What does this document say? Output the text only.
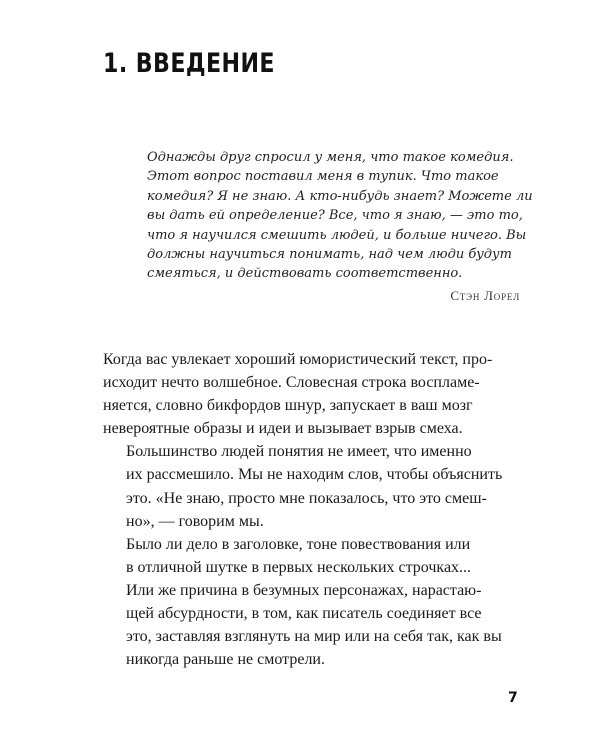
1. ВВЕДЕНИЕ

Однажды друг спросил у меня, что такое комедия.
Этот вопрос поставил меня в тупик. Что такое
комедия? Я не знаю. А кто-нибудь знает? Можете ли
вы дать ей определение? Все, что я знаю, — это то,
что я научился смешить людей, и больше ничего. Вы
должны научиться понимать, над чем люди будут
смеяться, и действовать соответственно.

Стэн Лорел

Когда вас увлекает хороший юмористический текст, про-
исходит нечто волшебное. Словесная строка воспламе-
няется, словно бикфордов шнур, запускает в ваш мозг
невероятные образы и идеи и вызывает взрыв смеха.

Большинство людей понятия не имеет, что именно
их рассмешило. Мы не находим слов, чтобы объяснить
это. «Не знаю, просто мне показалось, что это смеш-
но», — говорим мы.

Было ли дело в заголовке, тоне повествования или
в отличной шутке в первых нескольких строчках...
Или же причина в безумных персонажах, нарастаю-
щей абсурдности, в том, как писатель соединяет все
это, заставляя взглянуть на мир или на себя так, как вы
никогда раньше не смотрели.

7
